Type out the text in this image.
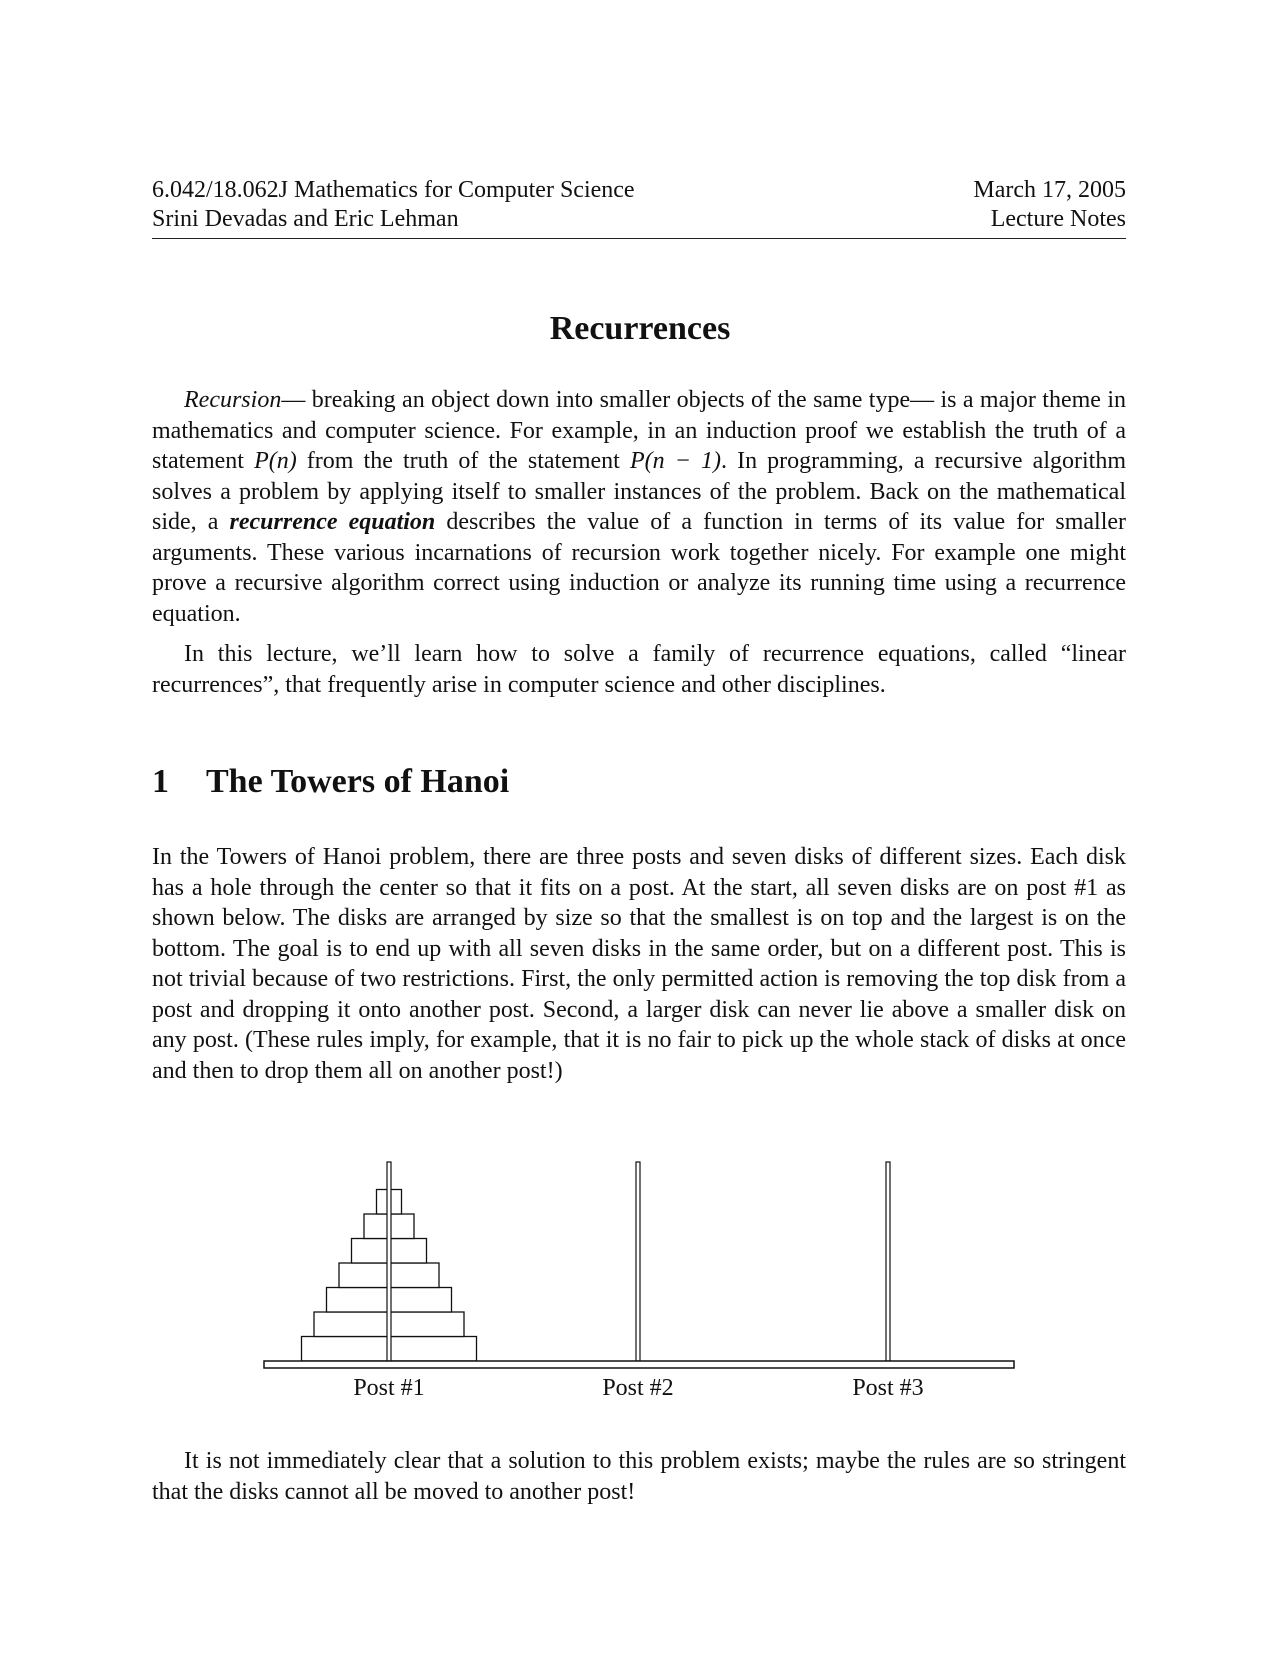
6.042/18.062J Mathematics for Computer Science	March 17, 2005
Srini Devadas and Eric Lehman	Lecture Notes
Recurrences

Recursion— breaking an object down into smaller objects of the same type— is a major theme in mathematics and computer science. For example, in an induction proof we establish the truth of a statement P(n) from the truth of the statement P(n − 1). In programming, a recursive algorithm solves a problem by applying itself to smaller instances of the problem. Back on the mathematical side, a recurrence equation describes the value of a function in terms of its value for smaller arguments. These various incarnations of recursion work together nicely. For example one might prove a recursive algorithm correct using induction or analyze its running time using a recurrence equation.

In this lecture, we’ll learn how to solve a family of recurrence equations, called “linear recurrences”, that frequently arise in computer science and other disciplines.

1 The Towers of Hanoi

In the Towers of Hanoi problem, there are three posts and seven disks of different sizes. Each disk has a hole through the center so that it fits on a post. At the start, all seven disks are on post #1 as shown below. The disks are arranged by size so that the smallest is on top and the largest is on the bottom. The goal is to end up with all seven disks in the same order, but on a different post. This is not trivial because of two restrictions. First, the only permitted action is removing the top disk from a post and dropping it onto another post. Second, a larger disk can never lie above a smaller disk on any post. (These rules imply, for example, that it is no fair to pick up the whole stack of disks at once and then to drop them all on another post!)

Post #1	Post #2	Post #3

It is not immediately clear that a solution to this problem exists; maybe the rules are so stringent that the disks cannot all be moved to another post!
